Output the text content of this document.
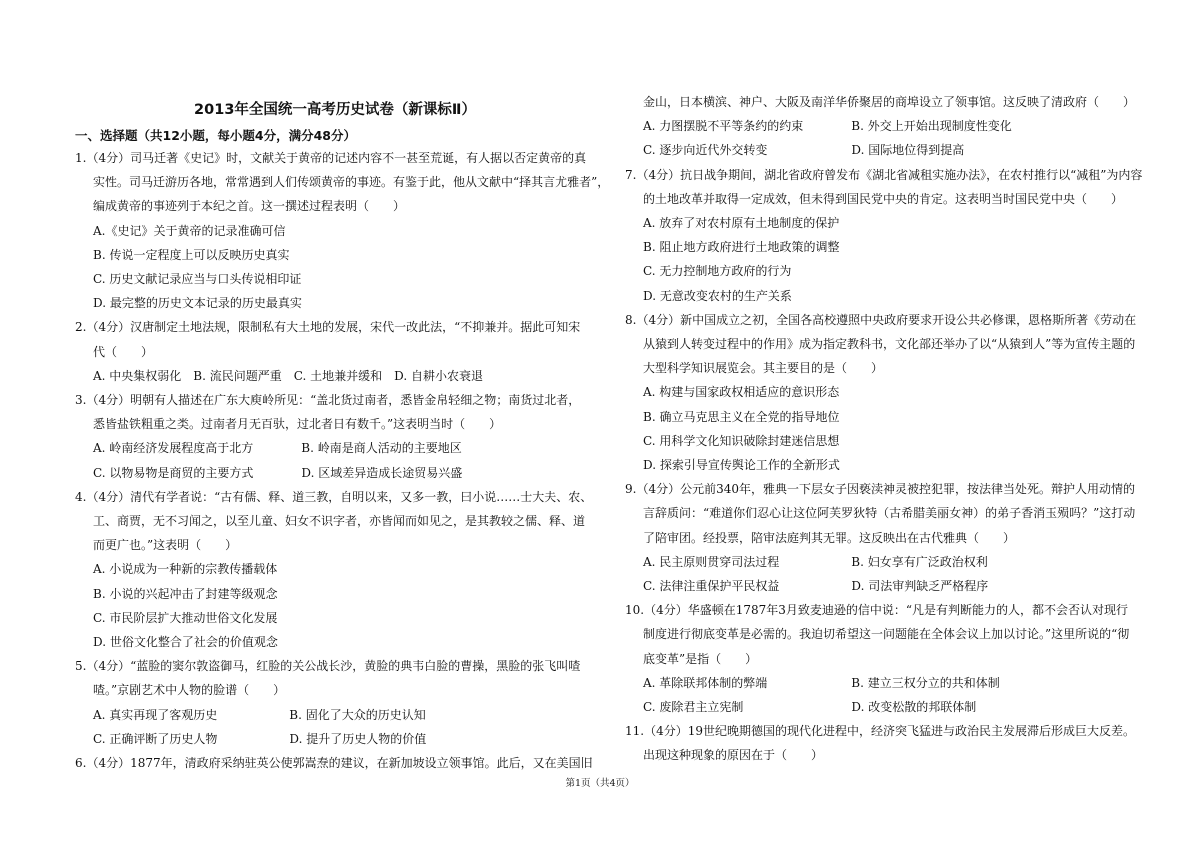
2013年全国统一高考历史试卷（新课标Ⅱ）
一、选择题（共12小题，每小题4分，满分48分）
1.（4分）司马迁著《史记》时，文献关于黄帝的记述内容不一甚至荒诞，有人据以否定黄帝的真
实性。司马迁游历各地，常常遇到人们传颂黄帝的事迹。有鉴于此，他从文献中“择其言尤雅者”，
编成黄帝的事迹列于本纪之首。这一撰述过程表明（　　）
A.《史记》关于黄帝的记录准确可信
B. 传说一定程度上可以反映历史真实
C. 历史文献记录应当与口头传说相印证
D. 最完整的历史文本记录的历史最真实
2.（4分）汉唐制定土地法规，限制私有大土地的发展，宋代一改此法，“不抑兼并。据此可知宋
代（　　）
A. 中央集权弱化　B. 流民问题严重　C. 土地兼并缓和　D. 自耕小农衰退
3.（4分）明朝有人描述在广东大庾岭所见：“盖北货过南者，悉皆金帛轻细之物；南货过北者，
悉皆盐铁粗重之类。过南者月无百驮，过北者日有数千。”这表明当时（　　）
A. 岭南经济发展程度高于北方　　　　B. 岭南是商人活动的主要地区
C. 以物易物是商贸的主要方式　　　　D. 区域差异造成长途贸易兴盛
4.（4分）清代有学者说：“古有儒、释、道三教，自明以来，又多一教，曰小说……士大夫、农、
工、商贾，无不习闻之，以至儿童、妇女不识字者，亦皆闻而如见之，是其教较之儒、释、道
而更广也。”这表明（　　）
A. 小说成为一种新的宗教传播载体
B. 小说的兴起冲击了封建等级观念
C. 市民阶层扩大推动世俗文化发展
D. 世俗文化整合了社会的价值观念
5.（4分）“蓝脸的窦尔敦盗御马，红脸的关公战长沙，黄脸的典韦白脸的曹操，黑脸的张飞叫喳
喳。”京剧艺术中人物的脸谱（　　）
A. 真实再现了客观历史　　　　　　B. 固化了大众的历史认知
C. 正确评断了历史人物　　　　　　D. 提升了历史人物的价值
6.（4分）1877年，清政府采纳驻英公使郭嵩焘的建议，在新加坡设立领事馆。此后，又在美国旧
金山，日本横滨、神户、大阪及南洋华侨聚居的商埠设立了领事馆。这反映了清政府（　　）
A. 力图摆脱不平等条约的约束　　　　B. 外交上开始出现制度性变化
C. 逐步向近代外交转变　　　　　　　D. 国际地位得到提高
7.（4分）抗日战争期间，湖北省政府曾发布《湖北省减租实施办法》，在农村推行以“减租”为内容
的土地改革并取得一定成效，但未得到国民党中央的肯定。这表明当时国民党中央（　　）
A. 放弃了对农村原有土地制度的保护
B. 阻止地方政府进行土地政策的调整
C. 无力控制地方政府的行为
D. 无意改变农村的生产关系
8.（4分）新中国成立之初，全国各高校遵照中央政府要求开设公共必修课，恩格斯所著《劳动在
从猿到人转变过程中的作用》成为指定教科书，文化部还举办了以“从猿到人”等为宣传主题的
大型科学知识展览会。其主要目的是（　　）
A. 构建与国家政权相适应的意识形态
B. 确立马克思主义在全党的指导地位
C. 用科学文化知识破除封建迷信思想
D. 探索引导宣传舆论工作的全新形式
9.（4分）公元前340年，雅典一下层女子因亵渎神灵被控犯罪，按法律当处死。辩护人用动情的
言辞质问：“难道你们忍心让这位阿芙罗狄特（古希腊美丽女神）的弟子香消玉殒吗？”这打动
了陪审团。经投票，陪审法庭判其无罪。这反映出在古代雅典（　　）
A. 民主原则贯穿司法过程　　　　　　B. 妇女享有广泛政治权利
C. 法律注重保护平民权益　　　　　　D. 司法审判缺乏严格程序
10.（4分）华盛顿在1787年3月致麦迪逊的信中说：“凡是有判断能力的人，都不会否认对现行
制度进行彻底变革是必需的。我迫切希望这一问题能在全体会议上加以讨论。”这里所说的“彻
底变革”是指（　　）
A. 革除联邦体制的弊端　　　　　　　B. 建立三权分立的共和体制
C. 废除君主立宪制　　　　　　　　　D. 改变松散的邦联体制
11.（4分）19世纪晚期德国的现代化进程中，经济突飞猛进与政治民主发展滞后形成巨大反差。
出现这种现象的原因在于（　　）
第1页（共4页）
